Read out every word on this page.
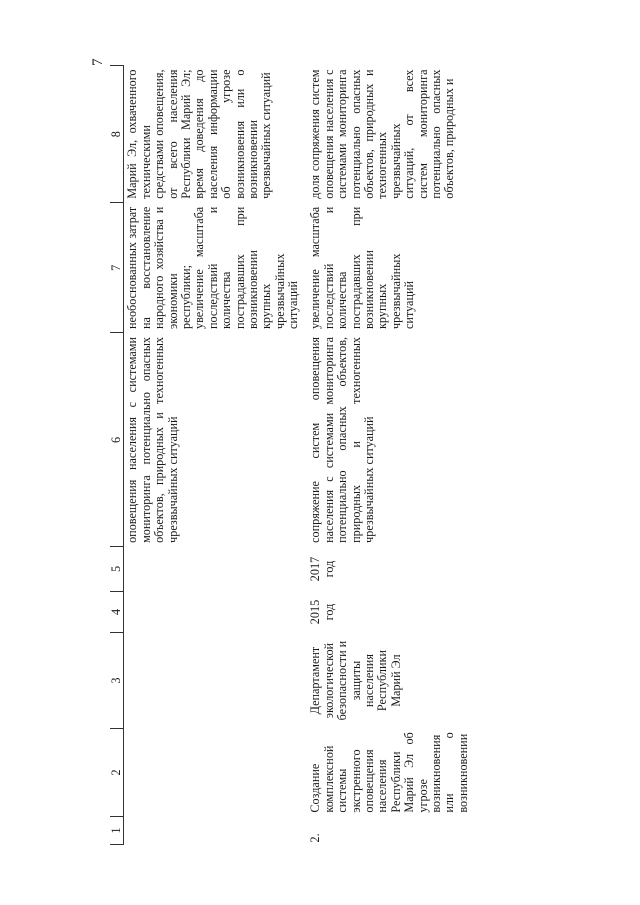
7
1	2	3	4	5	6	7	8
					оповещения населения с системами мониторинга потенциально опасных объектов, природных и техногенных чрезвычайных ситуаций	необоснованных затрат на восстановление народного хозяйства и экономики республики; увеличение масштаба последствий и количества пострадавших при возникновении крупных чрезвычайных ситуаций	Марий Эл, охваченного техническими средствами оповещения, от всего населения Республики Марий Эл; время доведения до населения информации об угрозе возникновения или о возникновении чрезвычайных ситуаций
2.	Создание комплексной системы экстренного оповещения населения Республики Марий Эл об угрозе возникновения или о возникновении	Департамент экологической безопасности и защиты населения Республики Марий Эл	2015 год	2017 год	сопряжение систем оповещения населения с системами мониторинга потенциально опасных объектов, природных и техногенных чрезвычайных ситуаций	увеличение масштаба последствий и количества пострадавших при возникновении крупных чрезвычайных ситуаций	доля сопряжения систем оповещения населения с системами мониторинга потенциально опасных объектов, природных и техногенных чрезвычайных ситуаций, от всех систем мониторинга потенциально опасных объектов, природных и
